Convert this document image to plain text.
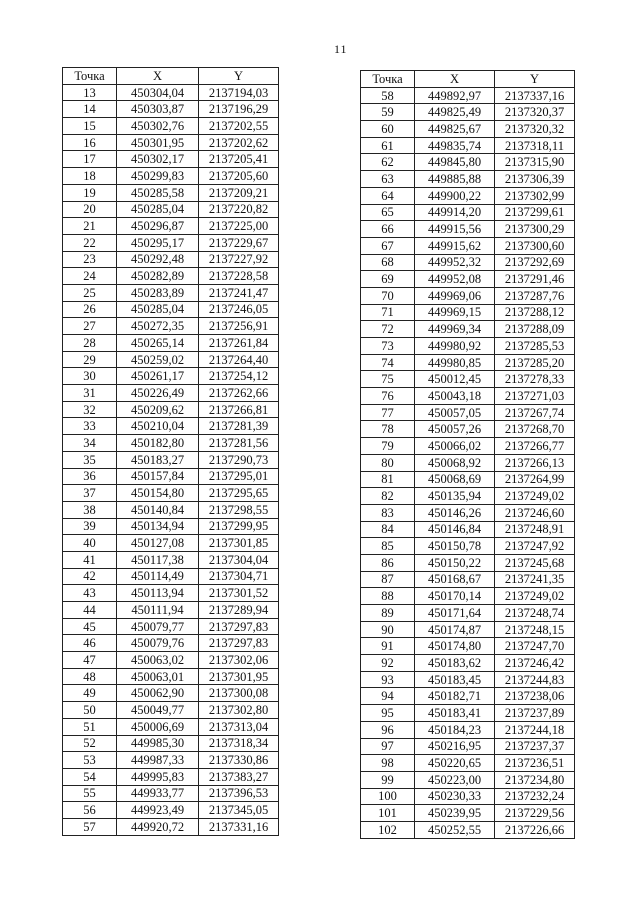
11
Точка	X	Y
13	450304,04	2137194,03
14	450303,87	2137196,29
15	450302,76	2137202,55
16	450301,95	2137202,62
17	450302,17	2137205,41
18	450299,83	2137205,60
19	450285,58	2137209,21
20	450285,04	2137220,82
21	450296,87	2137225,00
22	450295,17	2137229,67
23	450292,48	2137227,92
24	450282,89	2137228,58
25	450283,89	2137241,47
26	450285,04	2137246,05
27	450272,35	2137256,91
28	450265,14	2137261,84
29	450259,02	2137264,40
30	450261,17	2137254,12
31	450226,49	2137262,66
32	450209,62	2137266,81
33	450210,04	2137281,39
34	450182,80	2137281,56
35	450183,27	2137290,73
36	450157,84	2137295,01
37	450154,80	2137295,65
38	450140,84	2137298,55
39	450134,94	2137299,95
40	450127,08	2137301,85
41	450117,38	2137304,04
42	450114,49	2137304,71
43	450113,94	2137301,52
44	450111,94	2137289,94
45	450079,77	2137297,83
46	450079,76	2137297,83
47	450063,02	2137302,06
48	450063,01	2137301,95
49	450062,90	2137300,08
50	450049,77	2137302,80
51	450006,69	2137313,04
52	449985,30	2137318,34
53	449987,33	2137330,86
54	449995,83	2137383,27
55	449933,77	2137396,53
56	449923,49	2137345,05
57	449920,72	2137331,16
Точка	X	Y
58	449892,97	2137337,16
59	449825,49	2137320,37
60	449825,67	2137320,32
61	449835,74	2137318,11
62	449845,80	2137315,90
63	449885,88	2137306,39
64	449900,22	2137302,99
65	449914,20	2137299,61
66	449915,56	2137300,29
67	449915,62	2137300,60
68	449952,32	2137292,69
69	449952,08	2137291,46
70	449969,06	2137287,76
71	449969,15	2137288,12
72	449969,34	2137288,09
73	449980,92	2137285,53
74	449980,85	2137285,20
75	450012,45	2137278,33
76	450043,18	2137271,03
77	450057,05	2137267,74
78	450057,26	2137268,70
79	450066,02	2137266,77
80	450068,92	2137266,13
81	450068,69	2137264,99
82	450135,94	2137249,02
83	450146,26	2137246,60
84	450146,84	2137248,91
85	450150,78	2137247,92
86	450150,22	2137245,68
87	450168,67	2137241,35
88	450170,14	2137249,02
89	450171,64	2137248,74
90	450174,87	2137248,15
91	450174,80	2137247,70
92	450183,62	2137246,42
93	450183,45	2137244,83
94	450182,71	2137238,06
95	450183,41	2137237,89
96	450184,23	2137244,18
97	450216,95	2137237,37
98	450220,65	2137236,51
99	450223,00	2137234,80
100	450230,33	2137232,24
101	450239,95	2137229,56
102	450252,55	2137226,66
